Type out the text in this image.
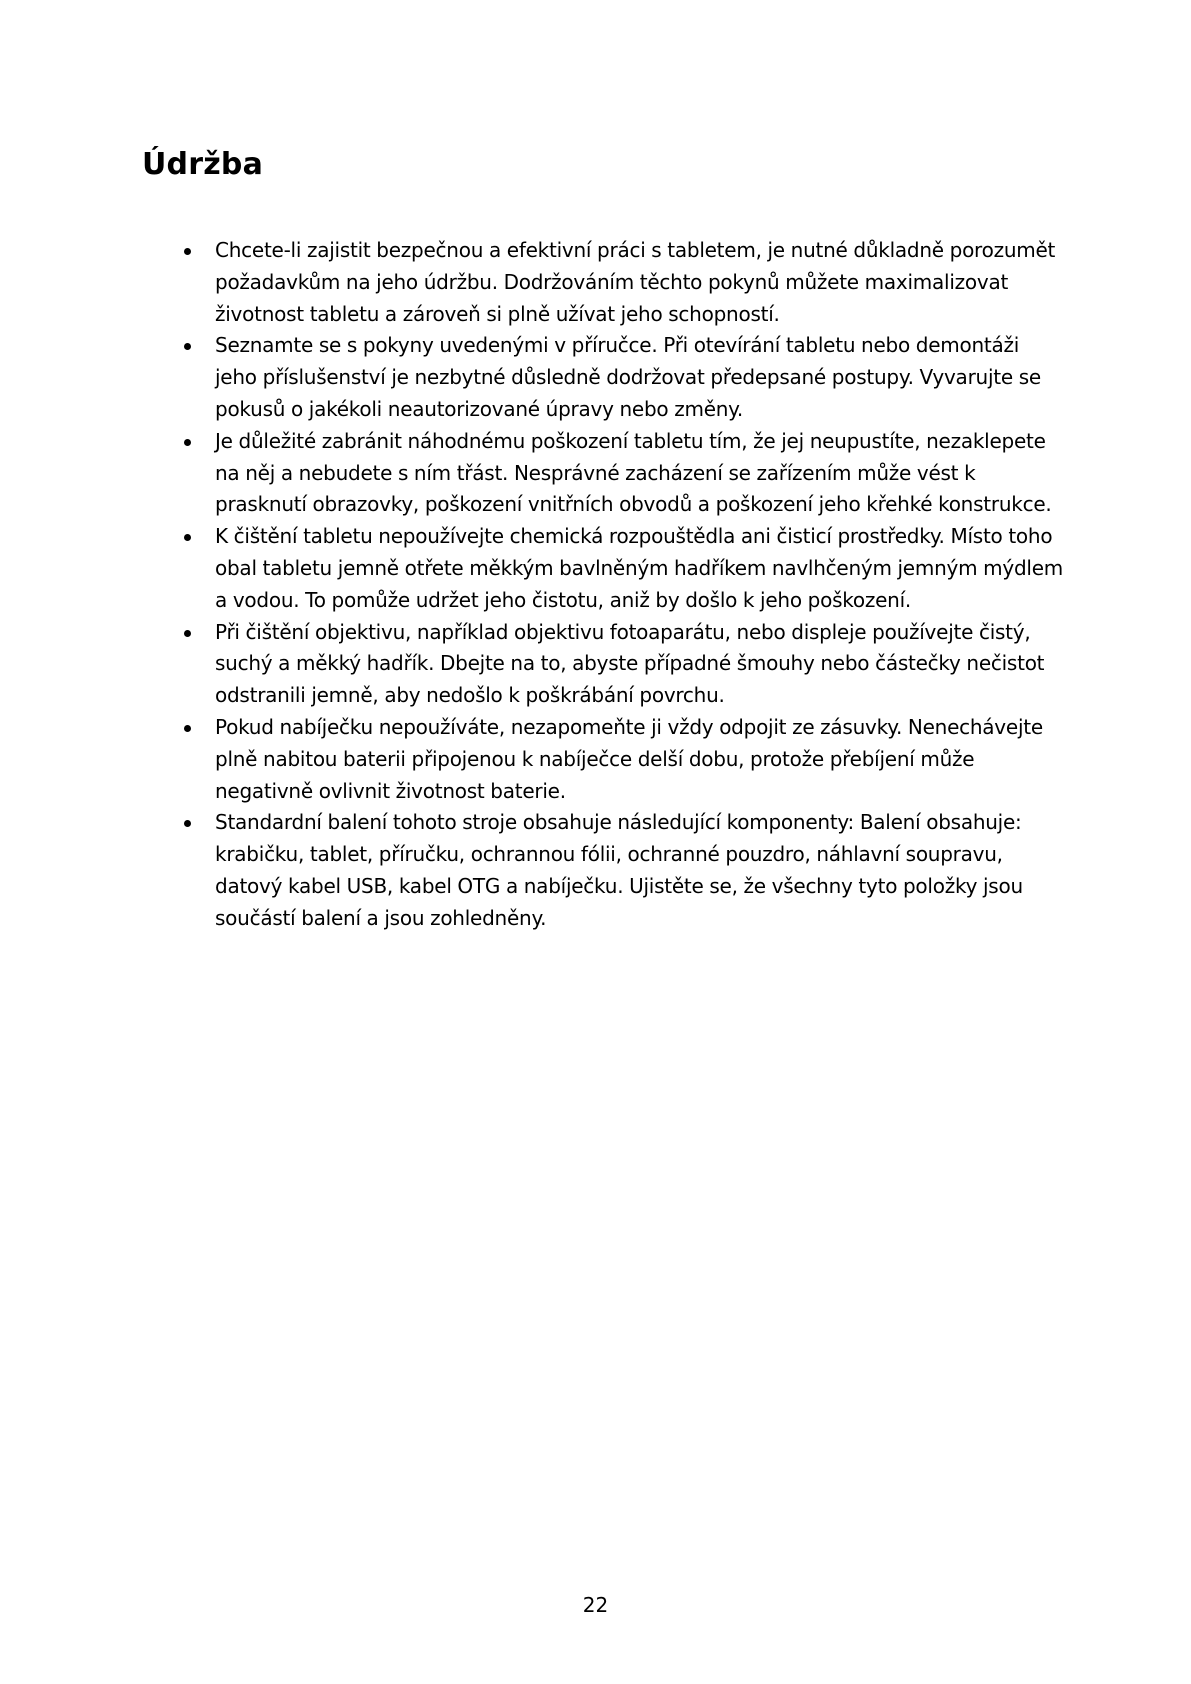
Údržba
Chcete-li zajistit bezpečnou a efektivní práci s tabletem, je nutné důkladně porozumět požadavkům na jeho údržbu. Dodržováním těchto pokynů můžete maximalizovat životnost tabletu a zároveň si plně užívat jeho schopností.
Seznamte se s pokyny uvedenými v příručce. Při otevírání tabletu nebo demontáži jeho příslušenství je nezbytné důsledně dodržovat předepsané postupy. Vyvarujte se pokusů o jakékoli neautorizované úpravy nebo změny.
Je důležité zabránit náhodnému poškození tabletu tím, že jej neupustíte, nezaklepete na něj a nebudete s ním třást. Nesprávné zacházení se zařízením může vést k prasknutí obrazovky, poškození vnitřních obvodů a poškození jeho křehké konstrukce.
K čištění tabletu nepoužívejte chemická rozpouštědla ani čisticí prostředky. Místo toho obal tabletu jemně otřete měkkým bavlněným hadříkem navlhčeným jemným mýdlem a vodou. To pomůže udržet jeho čistotu, aniž by došlo k jeho poškození.
Při čištění objektivu, například objektivu fotoaparátu, nebo displeje používejte čistý, suchý a měkký hadřík. Dbejte na to, abyste případné šmouhy nebo částečky nečistot odstranili jemně, aby nedošlo k poškrábání povrchu.
Pokud nabíječku nepoužíváte, nezapomeňte ji vždy odpojit ze zásuvky. Nenechávejte plně nabitou baterii připojenou k nabíječce delší dobu, protože přebíjení může negativně ovlivnit životnost baterie.
Standardní balení tohoto stroje obsahuje následující komponenty: Balení obsahuje: krabičku, tablet, příručku, ochrannou fólii, ochranné pouzdro, náhlavní soupravu, datový kabel USB, kabel OTG a nabíječku. Ujistěte se, že všechny tyto položky jsou součástí balení a jsou zohledněny.
22
